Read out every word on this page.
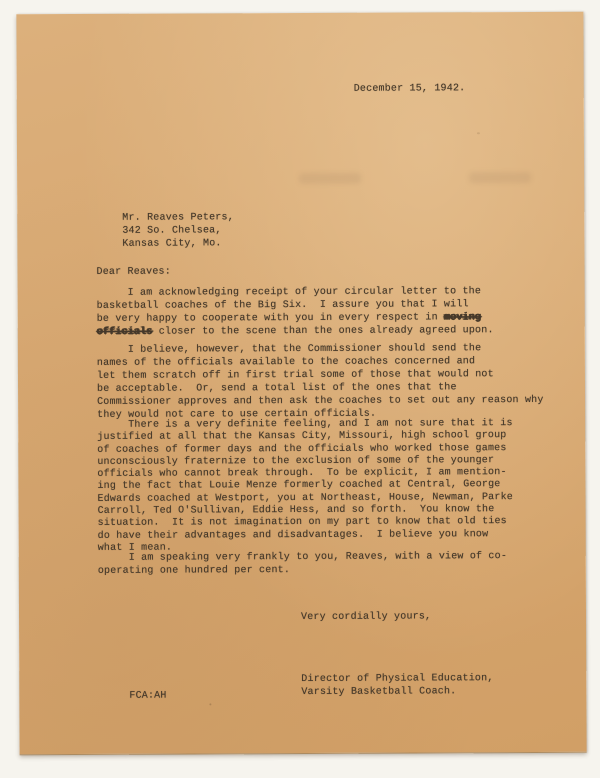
December 15, 1942.
Mr. Reaves Peters,
342 So. Chelsea,
Kansas City, Mo.
Dear Reaves:
I am acknowledging receipt of your circular letter to the
basketball coaches of the Big Six.  I assure you that I will
be very happy to cooperate with you in every respect in moving
officials closer to the scene than the ones already agreed upon.
I believe, however, that the Commissioner should send the
names of the officials available to the coaches concerned and
let them scratch off in first trial some of those that would not
be acceptable.  Or, send a total list of the ones that the
Commissioner approves and then ask the coaches to set out any reason why
they would not care to use certain officials.
There is a very definite feeling, and I am not sure that it is
justified at all that the Kansas City, Missouri, high school group
of coaches of former days and the officials who worked those games
unconsciously fraternize to the exclusion of some of the younger
officials who cannot break through.  To be explicit, I am mention-
ing the fact that Louie Menze formerly coached at Central, George
Edwards coached at Westport, you at Northeast, House, Newman, Parke
Carroll, Ted O'Sullivan, Eddie Hess, and so forth.  You know the
situation.  It is not imagination on my part to know that old ties
do have their advantages and disadvantages.  I believe you know
what I mean.
I am speaking very frankly to you, Reaves, with a view of co-
operating one hundred per cent.
Very cordially yours,
Director of Physical Education,
Varsity Basketball Coach.
FCA:AH
